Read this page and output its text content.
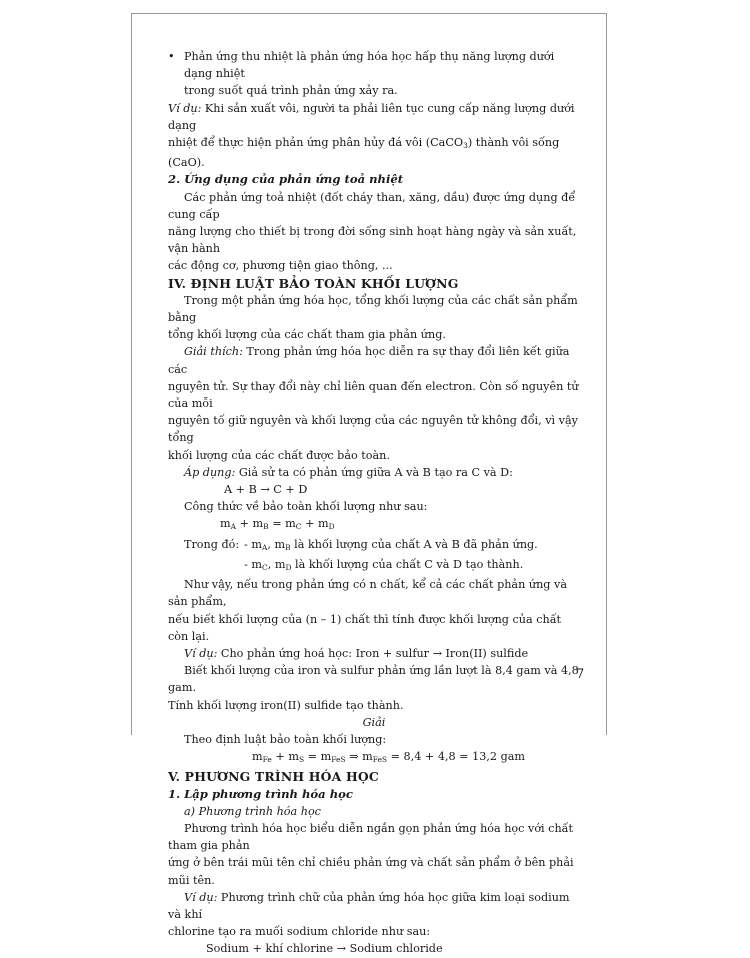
• Phản ứng thu nhiệt là phản ứng hóa học hấp thụ năng lượng dưới dạng nhiệt
trong suốt quá trình phản ứng xảy ra.

Ví dụ: Khi sản xuất vôi, người ta phải liên tục cung cấp năng lượng dưới dạng
nhiệt để thực hiện phản ứng phân hủy đá vôi (CaCO$_3$) thành vôi sống (CaO).

2. Ứng dụng của phản ứng toả nhiệt

Các phản ứng toả nhiệt (đốt cháy than, xăng, dầu) được ứng dụng để cung cấp
năng lượng cho thiết bị trong đời sống sinh hoạt hàng ngày và sản xuất, vận hành
các động cơ, phương tiện giao thông, ...

IV. ĐỊNH LUẬT BẢO TOÀN KHỐI LƯỢNG

Trong một phản ứng hóa học, tổng khối lượng của các chất sản phẩm bằng
tổng khối lượng của các chất tham gia phản ứng.

Giải thích: Trong phản ứng hóa học diễn ra sự thay đổi liên kết giữa các
nguyên tử. Sự thay đổi này chỉ liên quan đến electron. Còn số nguyên tử của mỗi
nguyên tố giữ nguyên và khối lượng của các nguyên tử không đổi, vì vậy tổng
khối lượng của các chất được bảo toàn.

Áp dụng: Giả sử ta có phản ứng giữa A và B tạo ra C và D:

A + B → C + D

Công thức về bảo toàn khối lượng như sau:

$m_A + m_B = m_C + m_D$

Trong đó: - $m_A$, $m_B$ là khối lượng của chất A và B đã phản ứng.

- $m_C$, $m_D$ là khối lượng của chất C và D tạo thành.

Như vậy, nếu trong phản ứng có n chất, kể cả các chất phản ứng và sản phẩm,
nếu biết khối lượng của (n – 1) chất thì tính được khối lượng của chất còn lại.

Ví dụ: Cho phản ứng hoá học: Iron + sulfur → Iron(II) sulfide

Biết khối lượng của iron và sulfur phản ứng lần lượt là 8,4 gam và 4,8 gam.
Tính khối lượng iron(II) sulfide tạo thành.

Giải

Theo định luật bảo toàn khối lượng:

$m_{Fe} + m_S = m_{FeS}$ ⇒ $m_{FeS} = 8,4 + 4,8 = 13,2$ gam

V. PHƯƠNG TRÌNH HÓA HỌC

1. Lập phương trình hóa học

a) Phương trình hóa học

Phương trình hóa học biểu diễn ngắn gọn phản ứng hóa học với chất tham gia phản
ứng ở bên trái mũi tên chỉ chiều phản ứng và chất sản phẩm ở bên phải mũi tên.

Ví dụ: Phương trình chữ của phản ứng hóa học giữa kim loại sodium và khí
chlorine tạo ra muối sodium chloride như sau:

Sodium + khí chlorine → Sodium chloride

7
